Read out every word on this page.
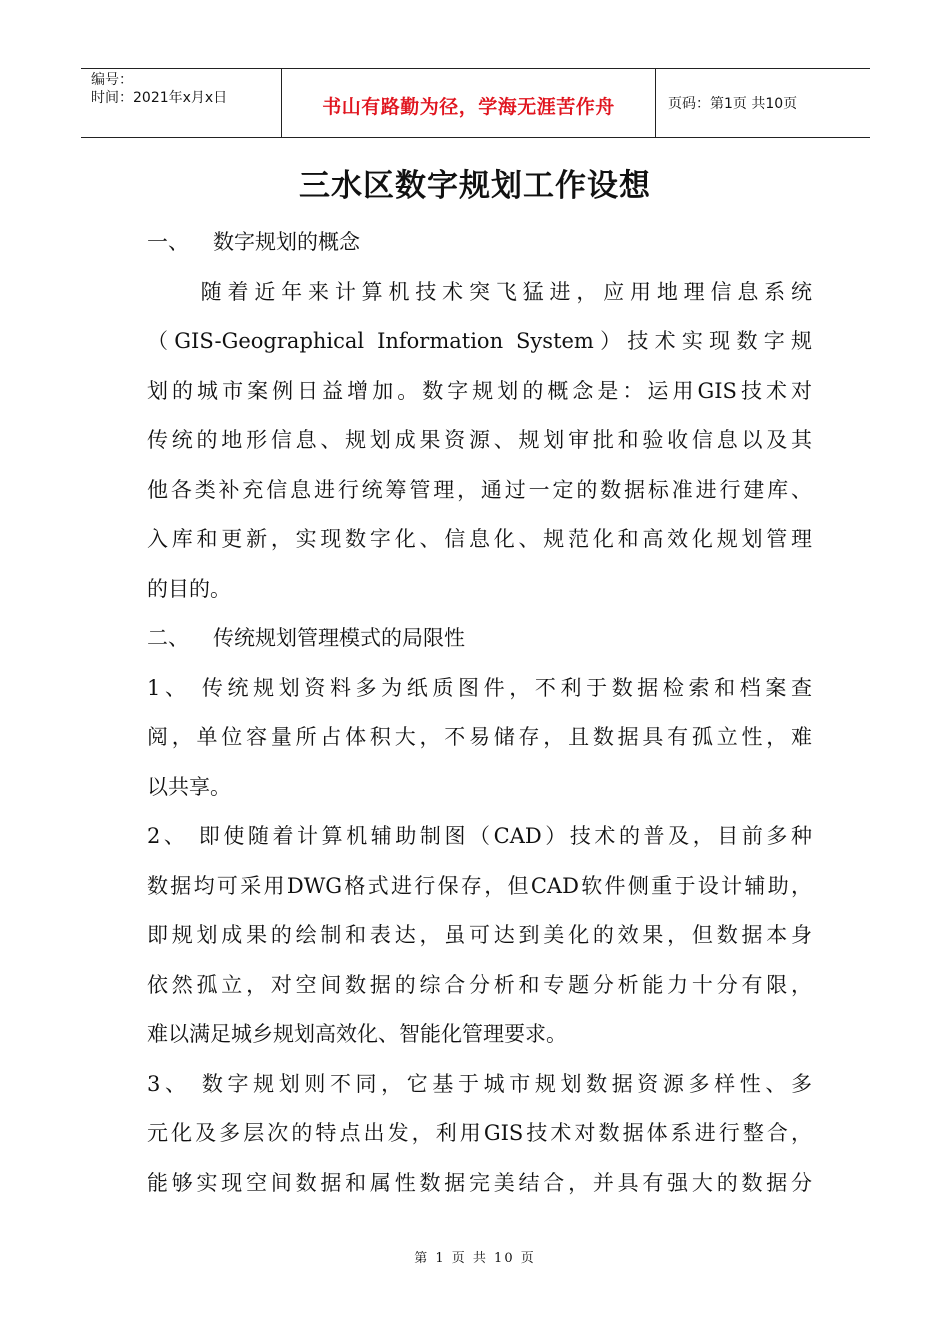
编号：
时间：2021年x月x日	书山有路勤为径，学海无涯苦作舟	页码：第1页 共10页
三水区数字规划工作设想
一、 数字规划的概念
　　随着近年来计算机技术突飞猛进，应用地理信息系统
（GIS-Geographical Information System）技术实现数字规
划的城市案例日益增加。数字规划的概念是：运用GIS技术对
传统的地形信息、规划成果资源、规划审批和验收信息以及其
他各类补充信息进行统筹管理，通过一定的数据标准进行建库、
入库和更新，实现数字化、信息化、规范化和高效化规划管理
的目的。
二、 传统规划管理模式的局限性
1、 传统规划资料多为纸质图件，不利于数据检索和档案查
阅，单位容量所占体积大，不易储存，且数据具有孤立性，难
以共享。
2、 即使随着计算机辅助制图（CAD）技术的普及，目前多种
数据均可采用DWG格式进行保存，但CAD软件侧重于设计辅助，
即规划成果的绘制和表达，虽可达到美化的效果，但数据本身
依然孤立，对空间数据的综合分析和专题分析能力十分有限，
难以满足城乡规划高效化、智能化管理要求。
3、 数字规划则不同，它基于城市规划数据资源多样性、多
元化及多层次的特点出发，利用GIS技术对数据体系进行整合，
能够实现空间数据和属性数据完美结合，并具有强大的数据分
第 1 页 共 10 页
